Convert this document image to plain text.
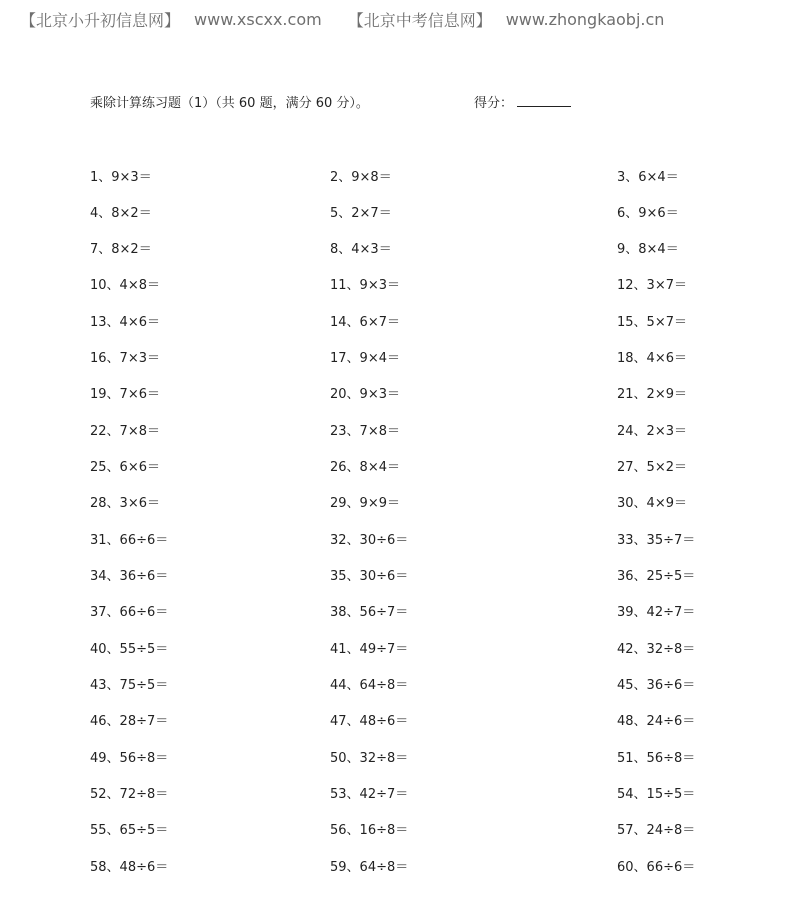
【北京小升初信息网】 www.xscxx.com 【北京中考信息网】 www.zhongkaobj.cn
乘除计算练习题（1）（共 60 题，满分 60 分）。	得分：
1、9×3＝	2、9×8＝	3、6×4＝
4、8×2＝	5、2×7＝	6、9×6＝
7、8×2＝	8、4×3＝	9、8×4＝
10、4×8＝	11、9×3＝	12、3×7＝
13、4×6＝	14、6×7＝	15、5×7＝
16、7×3＝	17、9×4＝	18、4×6＝
19、7×6＝	20、9×3＝	21、2×9＝
22、7×8＝	23、7×8＝	24、2×3＝
25、6×6＝	26、8×4＝	27、5×2＝
28、3×6＝	29、9×9＝	30、4×9＝
31、66÷6＝	32、30÷6＝	33、35÷7＝
34、36÷6＝	35、30÷6＝	36、25÷5＝
37、66÷6＝	38、56÷7＝	39、42÷7＝
40、55÷5＝	41、49÷7＝	42、32÷8＝
43、75÷5＝	44、64÷8＝	45、36÷6＝
46、28÷7＝	47、48÷6＝	48、24÷6＝
49、56÷8＝	50、32÷8＝	51、56÷8＝
52、72÷8＝	53、42÷7＝	54、15÷5＝
55、65÷5＝	56、16÷8＝	57、24÷8＝
58、48÷6＝	59、64÷8＝	60、66÷6＝
